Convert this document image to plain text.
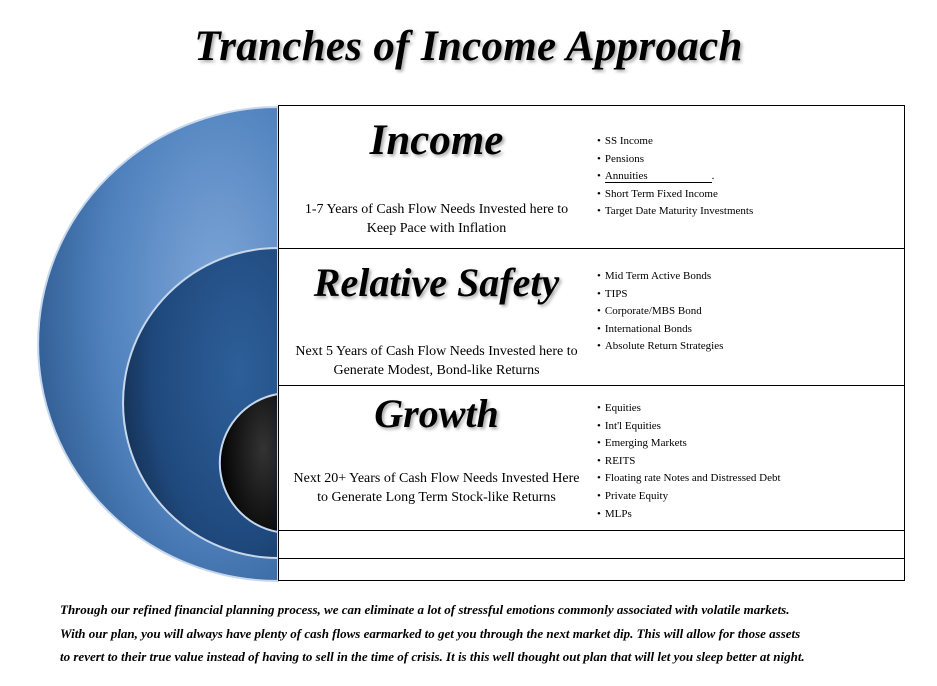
Tranches of Income Approach
Income
1-7 Years of Cash Flow Needs Invested here to Keep Pace with Inflation
• SS Income
• Pensions
• Annuities	.
• Short Term Fixed Income
• Target Date Maturity Investments
Relative Safety
Next 5 Years of Cash Flow Needs Invested here to Generate Modest, Bond-like Returns
• Mid Term Active Bonds
• TIPS
• Corporate/MBS Bond
• International Bonds
• Absolute Return Strategies
Growth
Next 20+ Years of Cash Flow Needs Invested Here to Generate Long Term Stock-like Returns
• Equities
• Int'l Equities
• Emerging Markets
• REITS
• Floating rate Notes and Distressed Debt
• Private Equity
• MLPs
Through our refined financial planning process, we can eliminate a lot of stressful emotions commonly associated with volatile markets.
With our plan, you will always have plenty of cash flows earmarked to get you through the next market dip. This will allow for those assets
to revert to their true value instead of having to sell in the time of crisis. It is this well thought out plan that will let you sleep better at night.
